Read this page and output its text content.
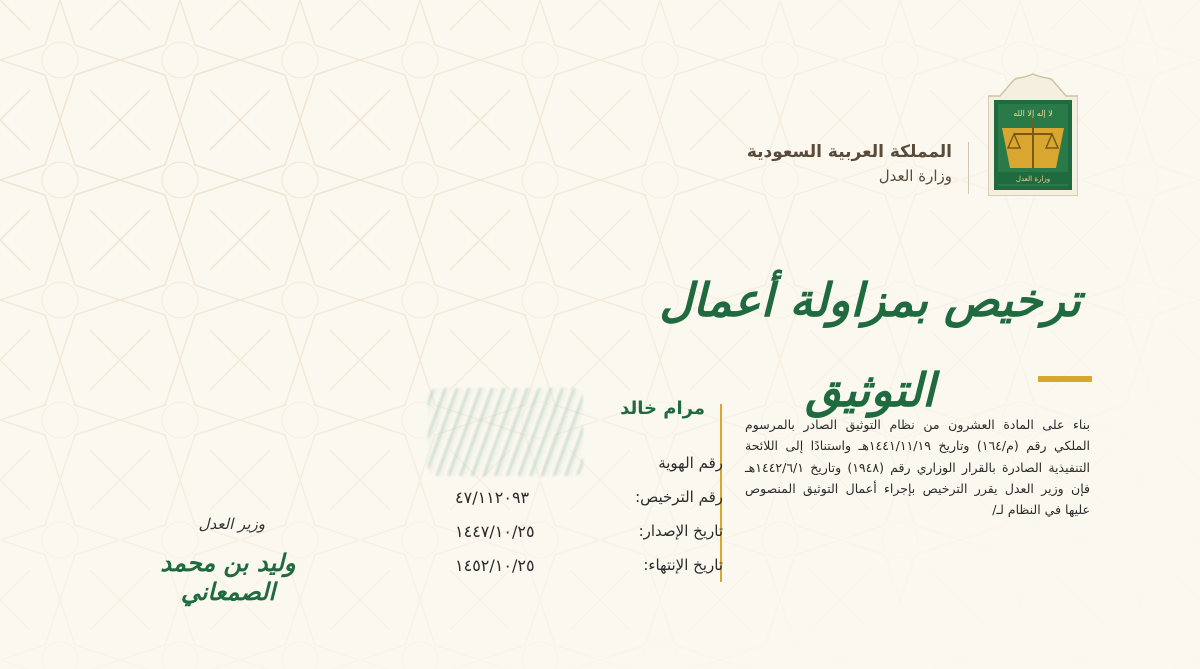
المملكة العربية السعودية
وزارة العدل
لا إله إلا الله
وزارة العدل
ترخيص بمزاولة أعمال التوثيق
بناء على المادة العشرون من نظام التوثيق الصادر بالمرسوم الملكي رقم (م/١٦٤) وتاريخ ١٤٤١/١١/١٩هـ واستنادًا إلى اللائحة التنفيذية الصادرة بالقرار الوزاري رقم (١٩٤٨) وتاريخ ١٤٤٢/٦/١هـ فإن وزير العدل يقرر الترخيص بإجراء أعمال التوثيق المنصوص عليها في النظام لـ/
مرام خالد
رقم الهوية
رقم الترخيص:
٤٧/١١٢٠٩٣
تاريخ الإصدار:
١٤٤٧/١٠/٢٥
تاريخ الإنتهاء:
١٤٥٢/١٠/٢٥
وزير العدل
وليد بن محمد الصمعاني
